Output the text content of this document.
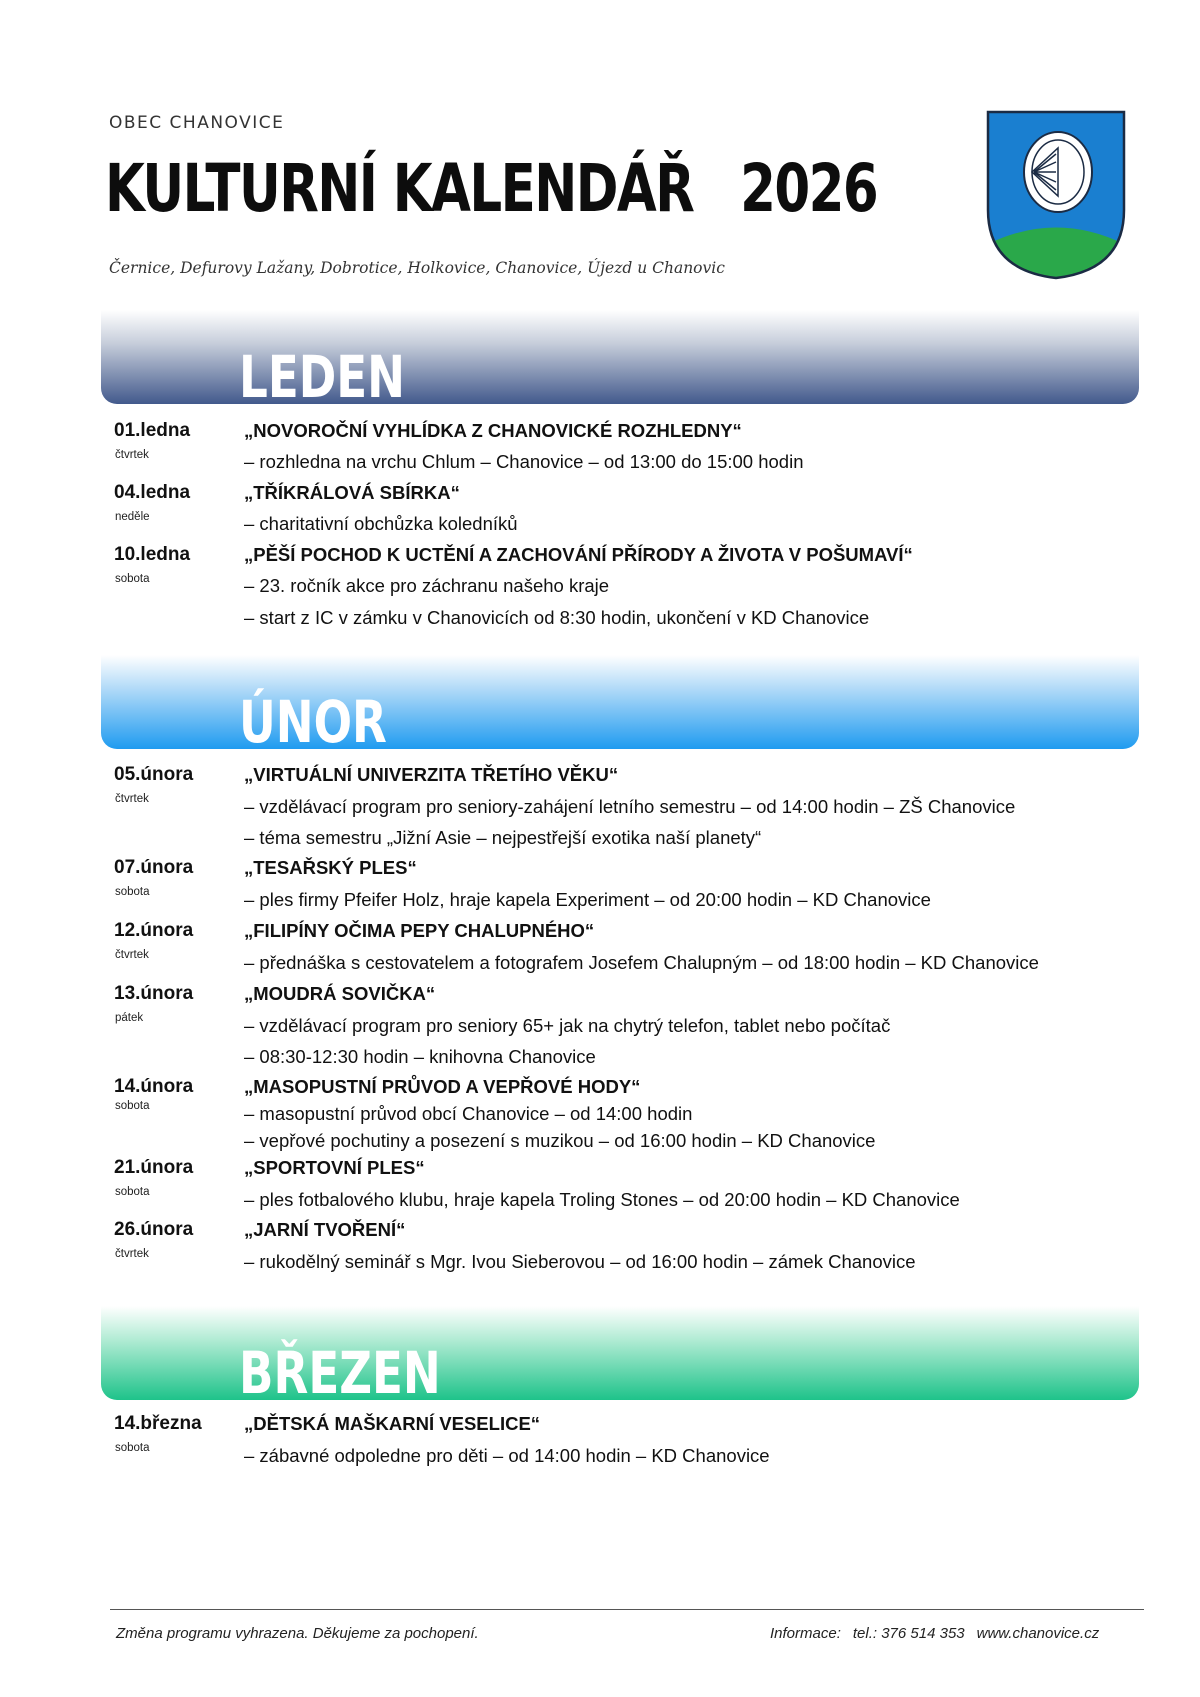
OBEC CHANOVICE
KULTURNÍ KALENDÁŘ 2026
Černice, Defurovy Lažany, Dobrotice, Holkovice, Chanovice, Újezd u Chanovic
LEDEN
01.ledna
čtvrtek
„NOVOROČNÍ VYHLÍDKA Z CHANOVICKÉ ROZHLEDNY“
– rozhledna na vrchu Chlum – Chanovice – od 13:00 do 15:00 hodin
04.ledna
neděle
„TŘÍKRÁLOVÁ SBÍRKA“
– charitativní obchůzka koledníků
10.ledna
sobota
„PĚŠÍ POCHOD K UCTĚNÍ A ZACHOVÁNÍ PŘÍRODY A ŽIVOTA V POŠUMAVÍ“
– 23. ročník akce pro záchranu našeho kraje
– start z IC v zámku v Chanovicích od 8:30 hodin, ukončení v KD Chanovice
ÚNOR
05.února
čtvrtek
„VIRTUÁLNÍ UNIVERZITA TŘETÍHO VĚKU“
– vzdělávací program pro seniory-zahájení letního semestru – od 14:00 hodin – ZŠ Chanovice
– téma semestru „Jižní Asie – nejpestřejší exotika naší planety“
07.února
sobota
„TESAŘSKÝ PLES“
– ples firmy Pfeifer Holz, hraje kapela Experiment – od 20:00 hodin – KD Chanovice
12.února
čtvrtek
„FILIPÍNY OČIMA PEPY CHALUPNÉHO“
– přednáška s cestovatelem a fotografem Josefem Chalupným – od 18:00 hodin – KD Chanovice
13.února
pátek
„MOUDRÁ SOVIČKA“
– vzdělávací program pro seniory 65+ jak na chytrý telefon, tablet nebo počítač
– 08:30-12:30 hodin – knihovna Chanovice
14.února
sobota
„MASOPUSTNÍ PRŮVOD A VEPŘOVÉ HODY“
– masopustní průvod obcí Chanovice – od 14:00 hodin
– vepřové pochutiny a posezení s muzikou – od 16:00 hodin – KD Chanovice
21.února
sobota
„SPORTOVNÍ PLES“
– ples fotbalového klubu, hraje kapela Troling Stones – od 20:00 hodin – KD Chanovice
26.února
čtvrtek
„JARNÍ TVOŘENÍ“
– rukodělný seminář s Mgr. Ivou Sieberovou – od 16:00 hodin – zámek Chanovice
BŘEZEN
14.března
sobota
„DĚTSKÁ MAŠKARNÍ VESELICE“
– zábavné odpoledne pro děti – od 14:00 hodin – KD Chanovice
Změna programu vyhrazena. Děkujeme za pochopení.	Informace: tel.: 376 514 353 www.chanovice.cz
